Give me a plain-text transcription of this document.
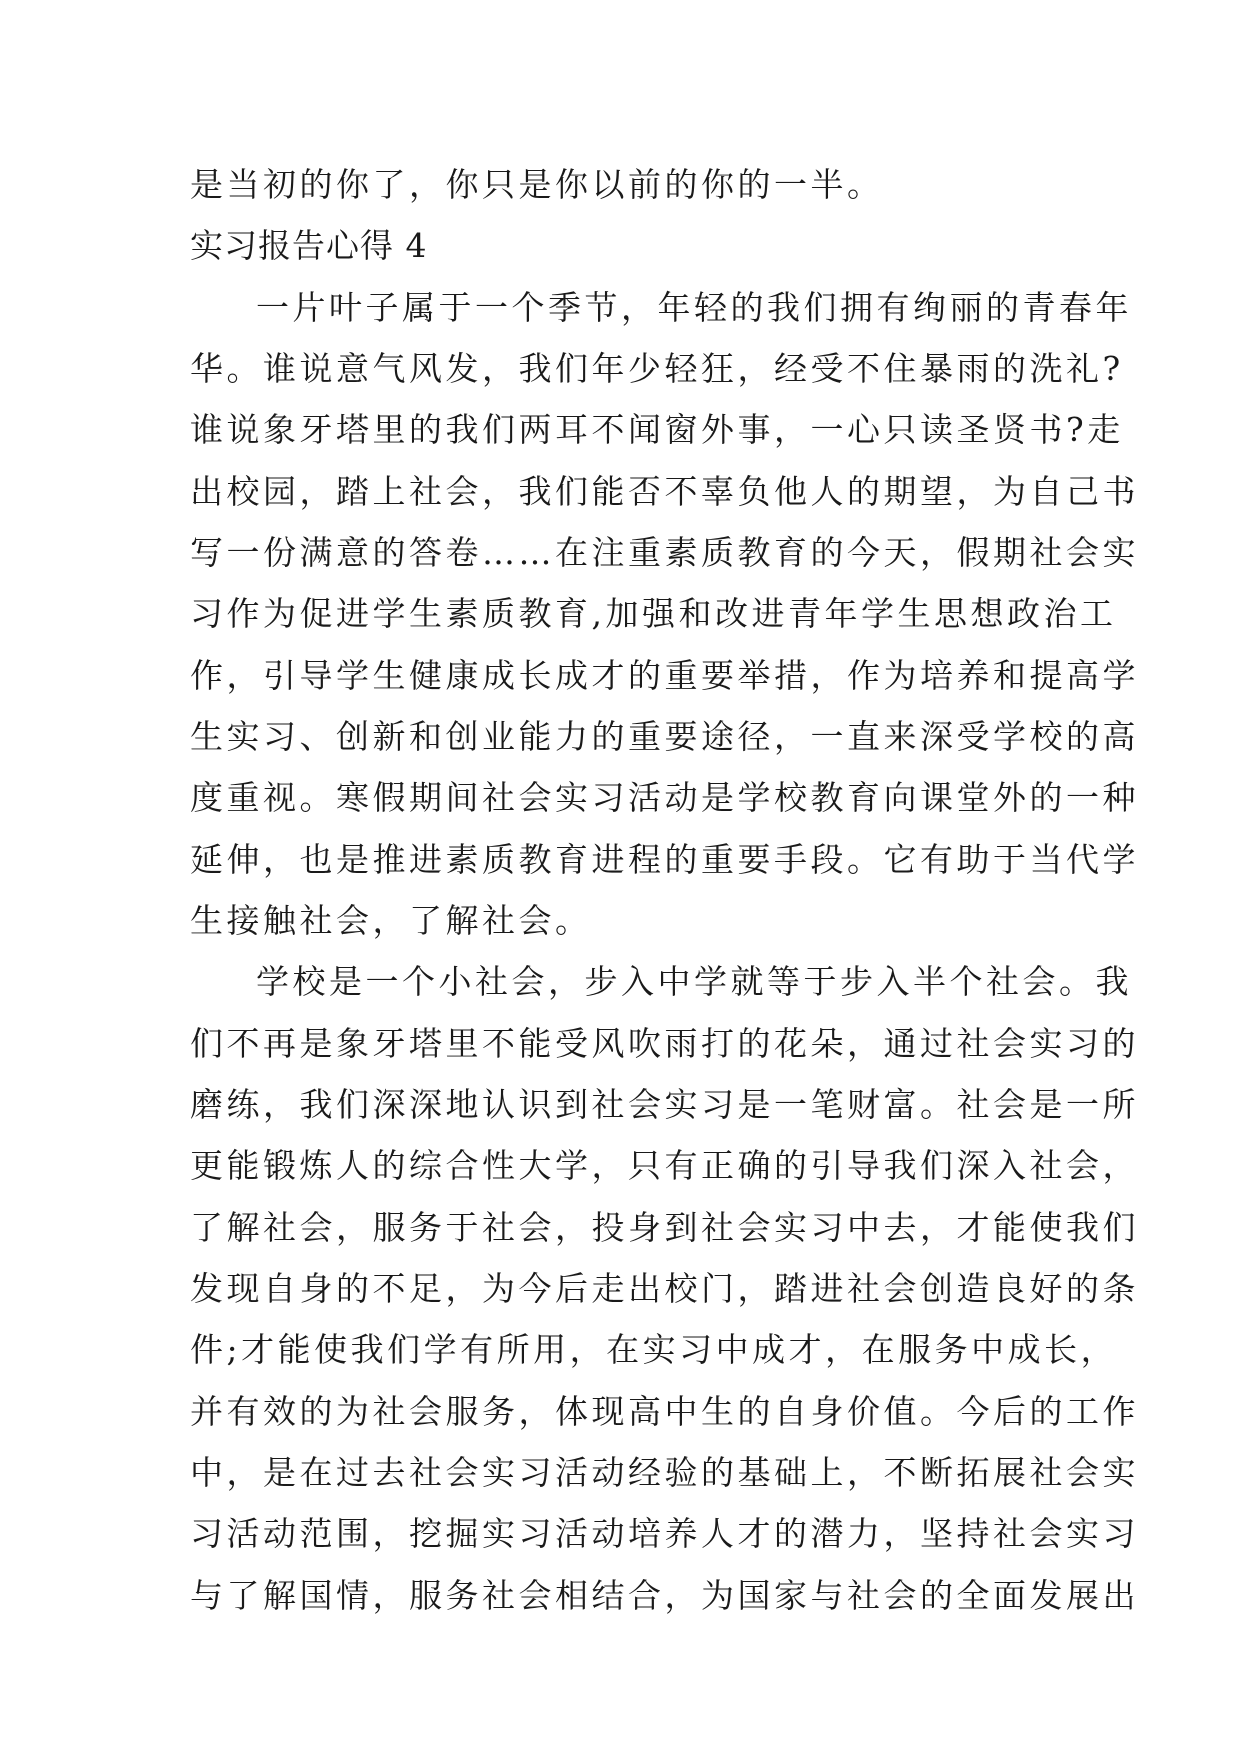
是当初的你了，你只是你以前的你的一半。
实习报告心得 4
一片叶子属于一个季节，年轻的我们拥有绚丽的青春年
华。谁说意气风发，我们年少轻狂，经受不住暴雨的洗礼?
谁说象牙塔里的我们两耳不闻窗外事，一心只读圣贤书?走
出校园，踏上社会，我们能否不辜负他人的期望，为自己书
写一份满意的答卷……在注重素质教育的今天，假期社会实
习作为促进学生素质教育,加强和改进青年学生思想政治工
作，引导学生健康成长成才的重要举措，作为培养和提高学
生实习、创新和创业能力的重要途径，一直来深受学校的高
度重视。寒假期间社会实习活动是学校教育向课堂外的一种
延伸，也是推进素质教育进程的重要手段。它有助于当代学
生接触社会，了解社会。
学校是一个小社会，步入中学就等于步入半个社会。我
们不再是象牙塔里不能受风吹雨打的花朵，通过社会实习的
磨练，我们深深地认识到社会实习是一笔财富。社会是一所
更能锻炼人的综合性大学，只有正确的引导我们深入社会，
了解社会，服务于社会，投身到社会实习中去，才能使我们
发现自身的不足，为今后走出校门，踏进社会创造良好的条
件;才能使我们学有所用，在实习中成才，在服务中成长，
并有效的为社会服务，体现高中生的自身价值。今后的工作
中，是在过去社会实习活动经验的基础上，不断拓展社会实
习活动范围，挖掘实习活动培养人才的潜力，坚持社会实习
与了解国情，服务社会相结合，为国家与社会的全面发展出
